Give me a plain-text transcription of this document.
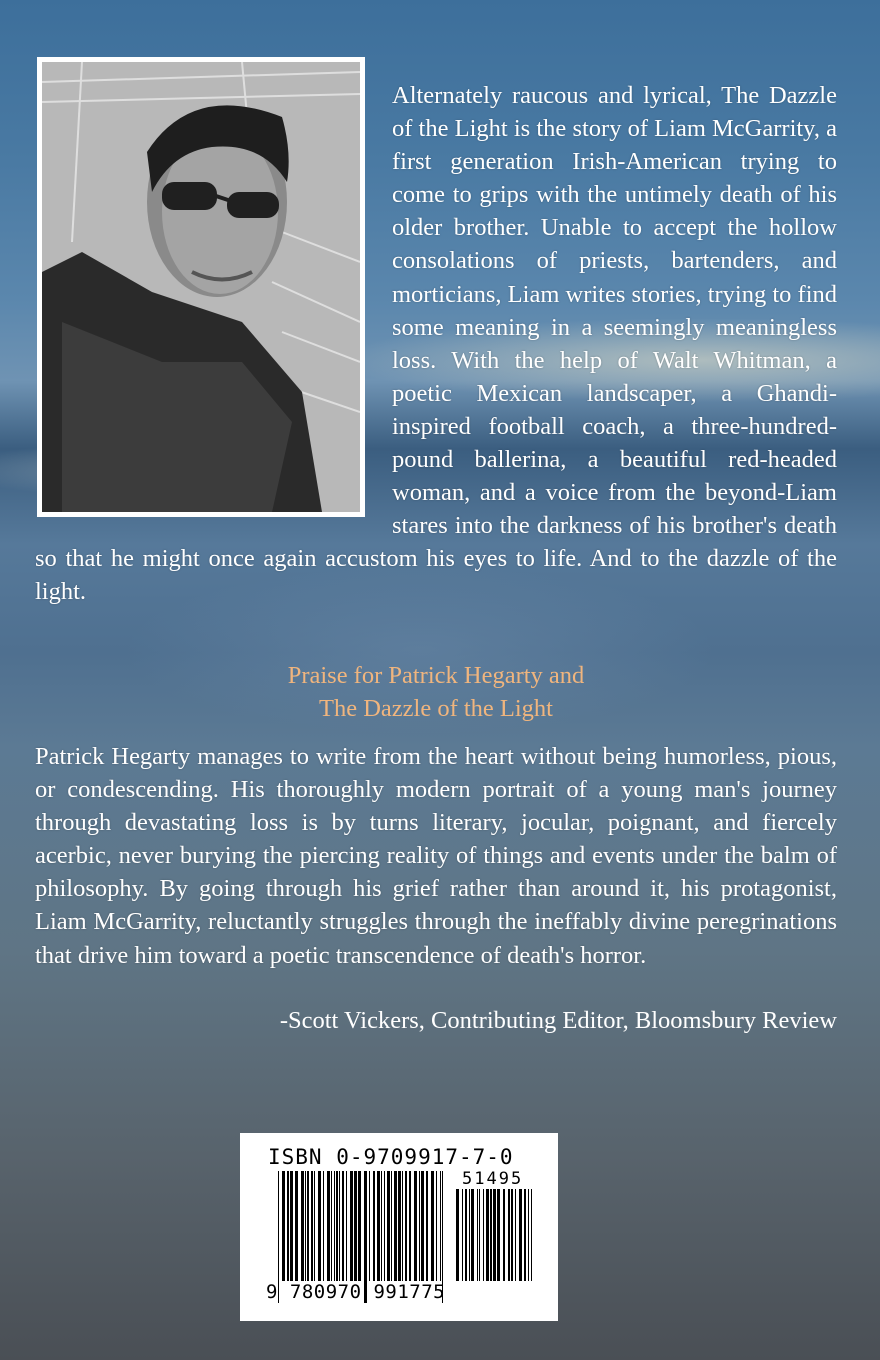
Alternately raucous and lyrical, The Dazzle of the Light is the story of Liam McGarrity, a first generation Irish-American trying to come to grips with the untimely death of his older brother. Unable to accept the hollow consolations of priests, bartenders, and morticians, Liam writes stories, trying to find some meaning in a seemingly meaningless loss. With the help of Walt Whitman, a poetic Mexican landscaper, a Ghandi-inspired football coach, a three-hundred-pound ballerina, a beautiful red-headed woman, and a voice from the beyond-Liam stares into the darkness of his brother's death so that he might once again accustom his eyes to life. And to the dazzle of the light.
Praise for Patrick Hegarty and
The Dazzle of the Light
Patrick Hegarty manages to write from the heart without being humorless, pious, or condescending. His thoroughly modern portrait of a young man's journey through devastating loss is by turns literary, jocular, poignant, and fiercely acerbic, never burying the piercing reality of things and events under the balm of philosophy. By going through his grief rather than around it, his protagonist, Liam McGarrity, reluctantly struggles through the ineffably divine peregrinations that drive him toward a poetic transcendence of death's horror.
-Scott Vickers, Contributing Editor, Bloomsbury Review
ISBN 0-9709917-7-0
51495
9 780970 991775
